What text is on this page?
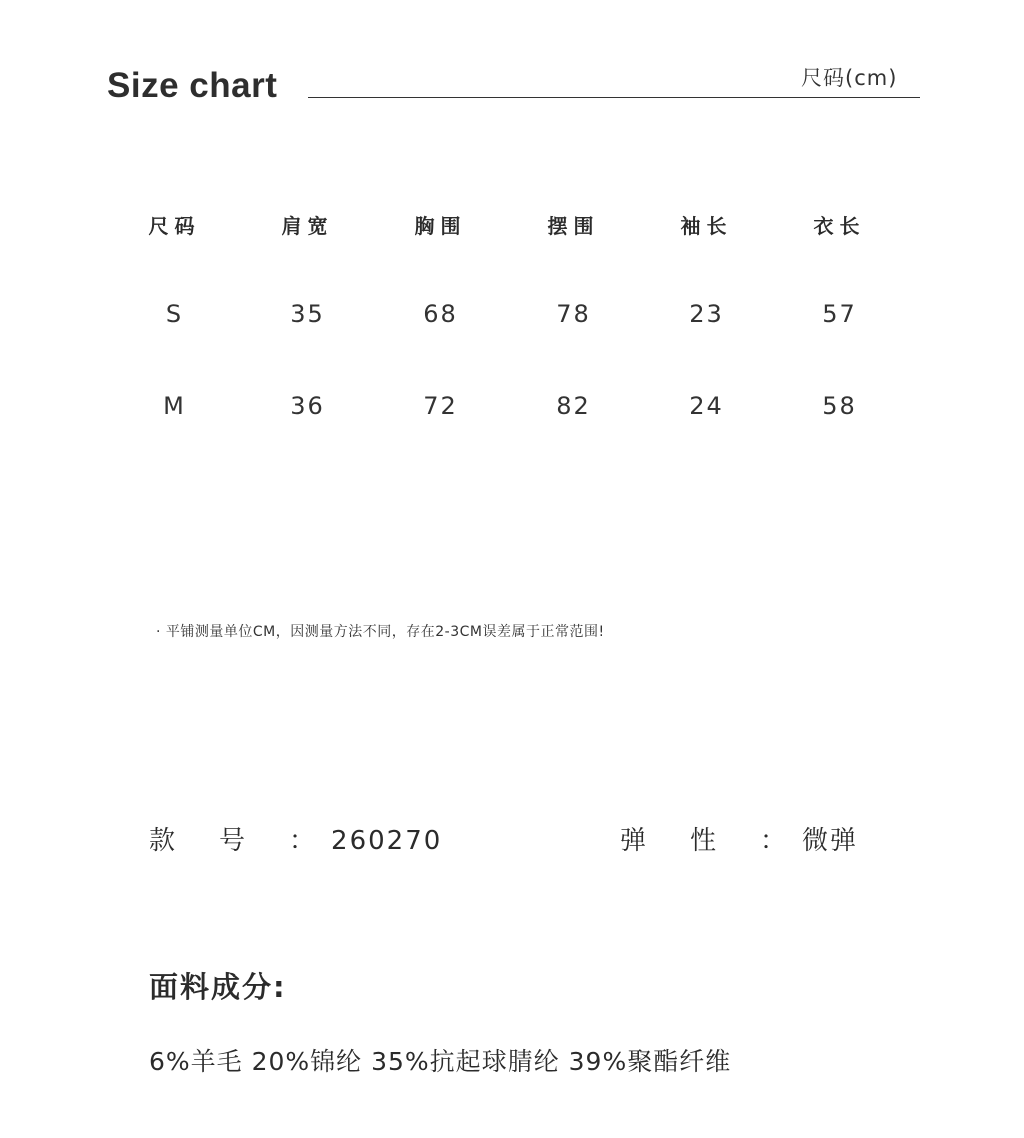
Size chart	尺码(cm)
尺码	肩宽	胸围	摆围	袖长	衣长
S	35	68	78	23	57
M	36	72	82	24	58
· 平铺测量单位CM，因测量方法不同，存在2-3CM误差属于正常范围!
款号： 260270	弹性： 微弹
面料成分:
6%羊毛 20%锦纶 35%抗起球腈纶 39%聚酯纤维
